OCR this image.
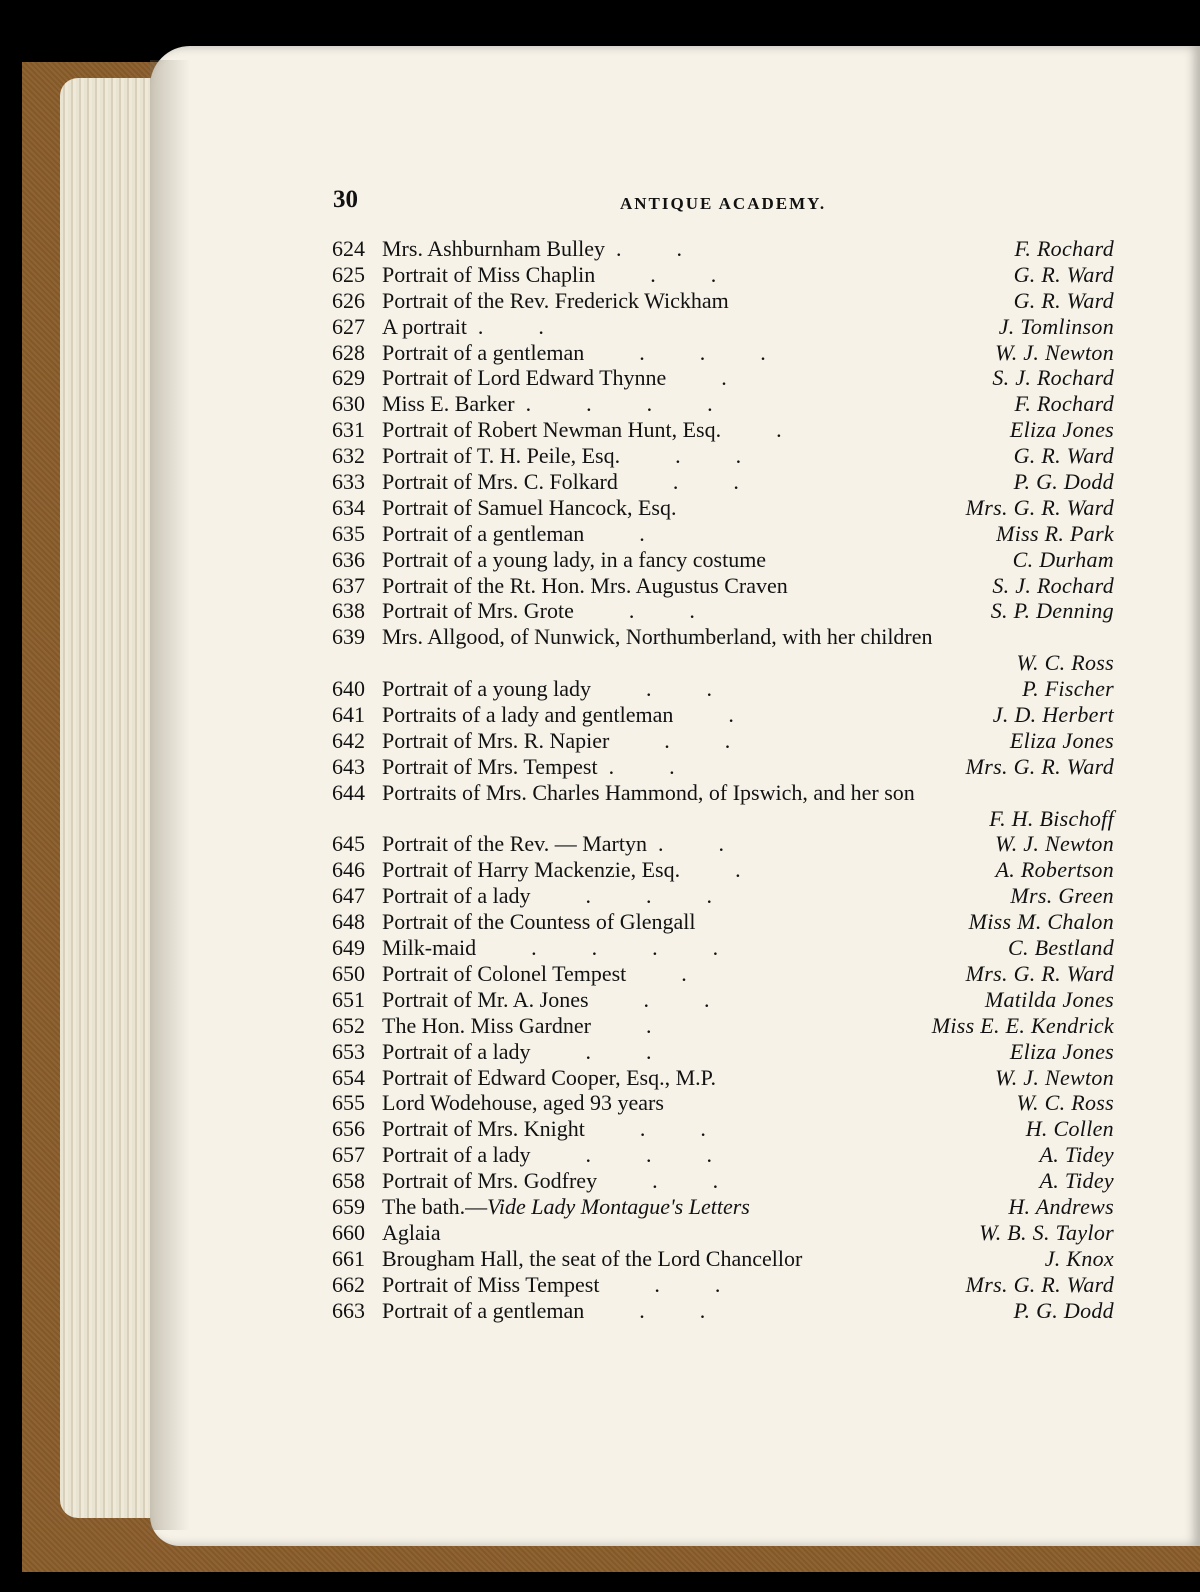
30	ANTIQUE ACADEMY.
624 Mrs. Ashburnham Bulley  .          .	F. Rochard
625 Portrait of Miss Chaplin          .          .	G. R. Ward
626 Portrait of the Rev. Frederick Wickham	G. R. Ward
627 A portrait  .          .	J. Tomlinson
628 Portrait of a gentleman          .          .          .	W. J. Newton
629 Portrait of Lord Edward Thynne          .	S. J. Rochard
630 Miss E. Barker  .          .          .          .	F. Rochard
631 Portrait of Robert Newman Hunt, Esq.          .	Eliza Jones
632 Portrait of T. H. Peile, Esq.          .          .	G. R. Ward
633 Portrait of Mrs. C. Folkard          .          .	P. G. Dodd
634 Portrait of Samuel Hancock, Esq.	Mrs. G. R. Ward
635 Portrait of a gentleman          .	Miss R. Park
636 Portrait of a young lady, in a fancy costume	C. Durham
637 Portrait of the Rt. Hon. Mrs. Augustus Craven	S. J. Rochard
638 Portrait of Mrs. Grote          .          .	S. P. Denning
639 Mrs. Allgood, of Nunwick, Northumberland, with her children
W. C. Ross
640 Portrait of a young lady          .          .	P. Fischer
641 Portraits of a lady and gentleman          .	J. D. Herbert
642 Portrait of Mrs. R. Napier          .          .	Eliza Jones
643 Portrait of Mrs. Tempest  .          .	Mrs. G. R. Ward
644 Portraits of Mrs. Charles Hammond, of Ipswich, and her son
F. H. Bischoff
645 Portrait of the Rev. — Martyn  .          .	W. J. Newton
646 Portrait of Harry Mackenzie, Esq.          .	A. Robertson
647 Portrait of a lady          .          .          .	Mrs. Green
648 Portrait of the Countess of Glengall	Miss M. Chalon
649 Milk-maid          .          .          .          .	C. Bestland
650 Portrait of Colonel Tempest          .	Mrs. G. R. Ward
651 Portrait of Mr. A. Jones          .          .	Matilda Jones
652 The Hon. Miss Gardner          .	Miss E. E. Kendrick
653 Portrait of a lady          .          .	Eliza Jones
654 Portrait of Edward Cooper, Esq., M.P.	W. J. Newton
655 Lord Wodehouse, aged 93 years	W. C. Ross
656 Portrait of Mrs. Knight          .          .	H. Collen
657 Portrait of a lady          .          .          .	A. Tidey
658 Portrait of Mrs. Godfrey          .          .	A. Tidey
659 The bath.—Vide Lady Montague's Letters	H. Andrews
660 Aglaia	W. B. S. Taylor
661 Brougham Hall, the seat of the Lord Chancellor	J. Knox
662 Portrait of Miss Tempest          .          .	Mrs. G. R. Ward
663 Portrait of a gentleman          .          .	P. G. Dodd
